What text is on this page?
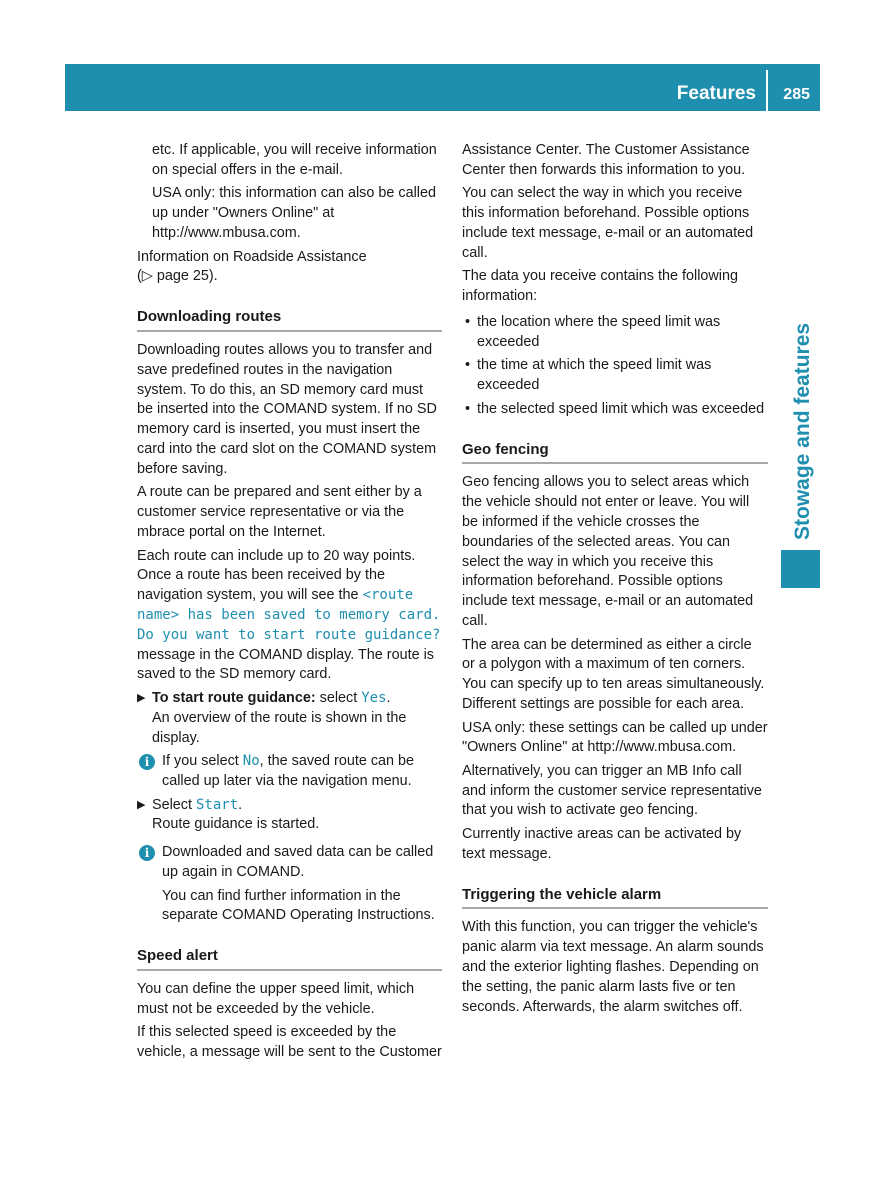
Features 285
Stowage and features

etc. If applicable, you will receive information on special offers in the e-mail.

USA only: this information can also be called up under "Owners Online" at http://www.mbusa.com.

Information on Roadside Assistance
(▷ page 25).

Downloading routes

Downloading routes allows you to transfer and save predefined routes in the navigation system. To do this, an SD memory card must be inserted into the COMAND system. If no SD memory card is inserted, you must insert the card into the card slot on the COMAND system before saving.

A route can be prepared and sent either by a customer service representative or via the mbrace portal on the Internet.

Each route can include up to 20 way points. Once a route has been received by the navigation system, you will see the <route name> has been saved to memory card. Do you want to start route guidance? message in the COMAND display. The route is saved to the SD memory card.

▶ To start route guidance: select Yes.

An overview of the route is shown in the display.

i If you select No, the saved route can be called up later via the navigation menu.

▶ Select Start.

Route guidance is started.

i Downloaded and saved data can be called up again in COMAND.

You can find further information in the separate COMAND Operating Instructions.

Speed alert

You can define the upper speed limit, which must not be exceeded by the vehicle.

If this selected speed is exceeded by the vehicle, a message will be sent to the Customer

Assistance Center. The Customer Assistance Center then forwards this information to you.

You can select the way in which you receive this information beforehand. Possible options include text message, e-mail or an automated call.

The data you receive contains the following information:

• the location where the speed limit was exceeded

• the time at which the speed limit was exceeded

• the selected speed limit which was exceeded

Geo fencing

Geo fencing allows you to select areas which the vehicle should not enter or leave. You will be informed if the vehicle crosses the boundaries of the selected areas. You can select the way in which you receive this information beforehand. Possible options include text message, e-mail or an automated call.

The area can be determined as either a circle or a polygon with a maximum of ten corners. You can specify up to ten areas simultaneously. Different settings are possible for each area.

USA only: these settings can be called up under "Owners Online" at http://www.mbusa.com.

Alternatively, you can trigger an MB Info call and inform the customer service representative that you wish to activate geo fencing.

Currently inactive areas can be activated by text message.

Triggering the vehicle alarm

With this function, you can trigger the vehicle's panic alarm via text message. An alarm sounds and the exterior lighting flashes. Depending on the setting, the panic alarm lasts five or ten seconds. Afterwards, the alarm switches off.
